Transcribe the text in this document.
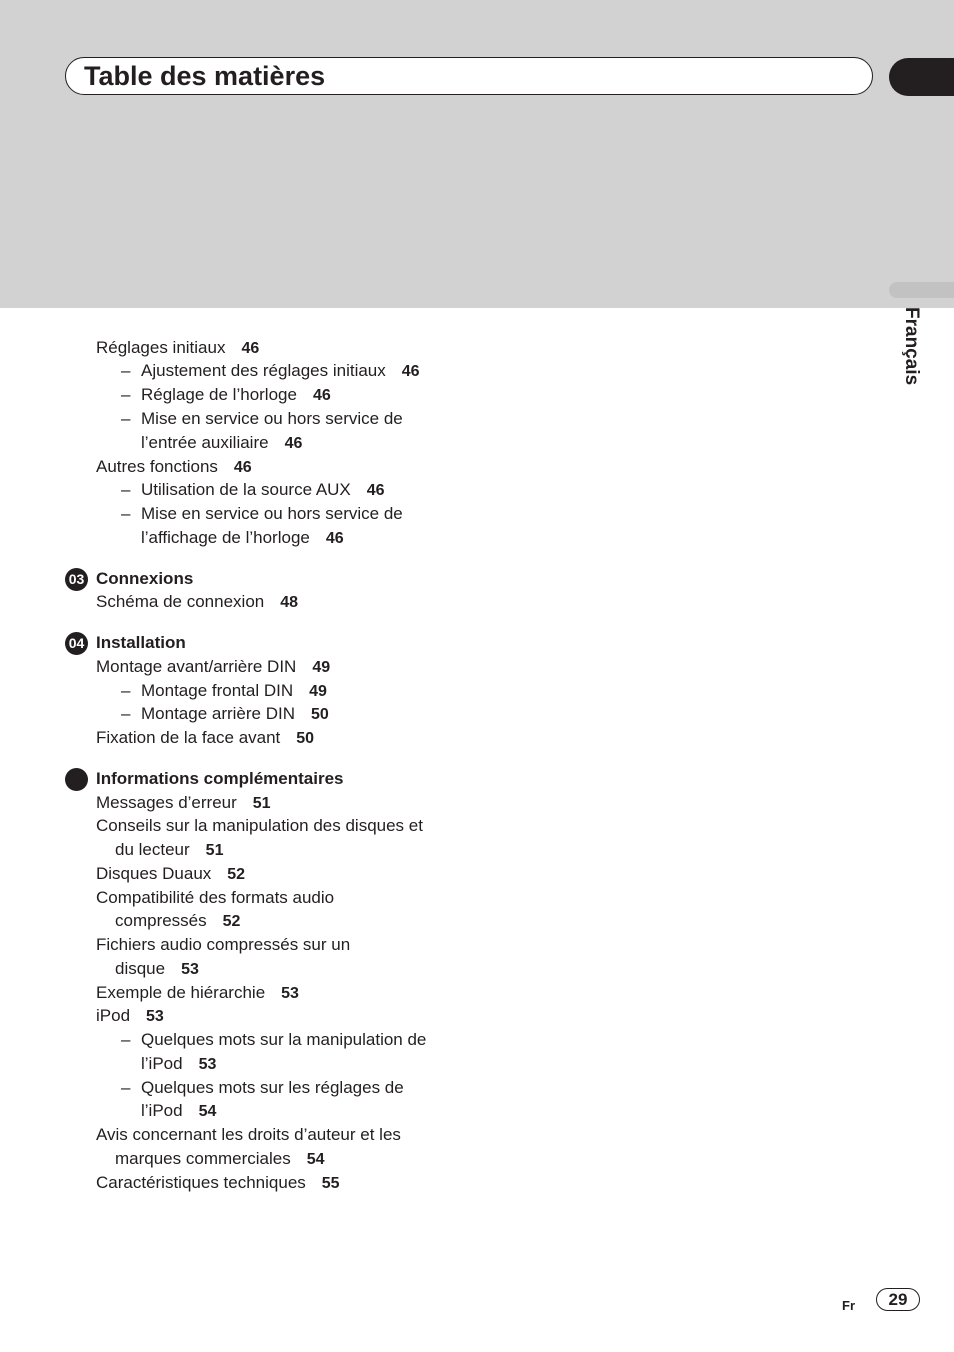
Table des matières
Français
Réglages initiaux 46
– Ajustement des réglages initiaux 46
– Réglage de l’horloge 46
– Mise en service ou hors service de
l’entrée auxiliaire 46
Autres fonctions 46
– Utilisation de la source AUX 46
– Mise en service ou hors service de
l’affichage de l’horloge 46
03 Connexions
Schéma de connexion 48
04 Installation
Montage avant/arrière DIN 49
– Montage frontal DIN 49
– Montage arrière DIN 50
Fixation de la face avant 50
Informations complémentaires
Messages d’erreur 51
Conseils sur la manipulation des disques et
du lecteur 51
Disques Duaux 52
Compatibilité des formats audio
compressés 52
Fichiers audio compressés sur un
disque 53
Exemple de hiérarchie 53
iPod 53
– Quelques mots sur la manipulation de
l’iPod 53
– Quelques mots sur les réglages de
l’iPod 54
Avis concernant les droits d’auteur et les
marques commerciales 54
Caractéristiques techniques 55
Fr	29
